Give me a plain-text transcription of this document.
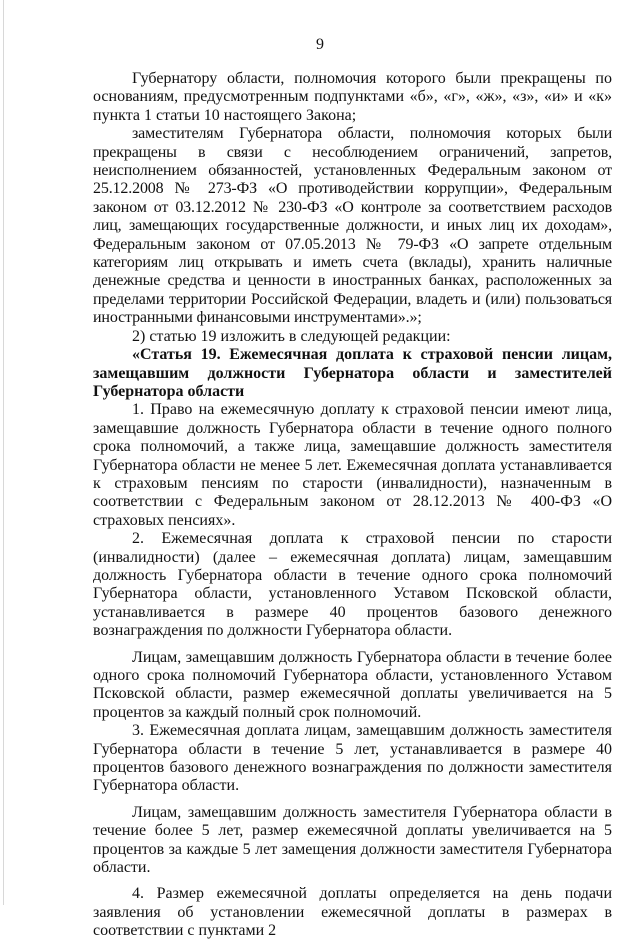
9

Губернатору области, полномочия которого были прекращены по основаниям, предусмотренным подпунктами «б», «г», «ж», «з», «и» и «к» пункта 1 статьи 10 настоящего Закона;

заместителям Губернатора области, полномочия которых были прекращены в связи с несоблюдением ограничений, запретов, неисполнением обязанностей, установленных Федеральным законом от 25.12.2008 № 273-ФЗ «О противодействии коррупции», Федеральным законом от 03.12.2012 № 230-ФЗ «О контроле за соответствием расходов лиц, замещающих государственные должности, и иных лиц их доходам», Федеральным законом от 07.05.2013 № 79-ФЗ «О запрете отдельным категориям лиц открывать и иметь счета (вклады), хранить наличные денежные средства и ценности в иностранных банках, расположенных за пределами территории Российской Федерации, владеть и (или) пользоваться иностранными финансовыми инструментами».»;

2) статью 19 изложить в следующей редакции:

«Статья 19. Ежемесячная доплата к страховой пенсии лицам, замещавшим должности Губернатора области и заместителей Губернатора области

1. Право на ежемесячную доплату к страховой пенсии имеют лица, замещавшие должность Губернатора области в течение одного полного срока полномочий, а также лица, замещавшие должность заместителя Губернатора области не менее 5 лет. Ежемесячная доплата устанавливается к страховым пенсиям по старости (инвалидности), назначенным в соответствии с Федеральным законом от 28.12.2013 № 400-ФЗ «О страховых пенсиях».

2. Ежемесячная доплата к страховой пенсии по старости (инвалидности) (далее – ежемесячная доплата) лицам, замещавшим должность Губернатора области в течение одного срока полномочий Губернатора области, установленного Уставом Псковской области, устанавливается в размере 40 процентов базового денежного вознаграждения по должности Губернатора области.

Лицам, замещавшим должность Губернатора области в течение более одного срока полномочий Губернатора области, установленного Уставом Псковской области, размер ежемесячной доплаты увеличивается на 5 процентов за каждый полный срок полномочий.

3. Ежемесячная доплата лицам, замещавшим должность заместителя Губернатора области в течение 5 лет, устанавливается в размере 40 процентов базового денежного вознаграждения по должности заместителя Губернатора области.

Лицам, замещавшим должность заместителя Губернатора области в течение более 5 лет, размер ежемесячной доплаты увеличивается на 5 процентов за каждые 5 лет замещения должности заместителя Губернатора области.

4. Размер ежемесячной доплаты определяется на день подачи заявления об установлении ежемесячной доплаты в размерах в соответствии с пунктами 2
